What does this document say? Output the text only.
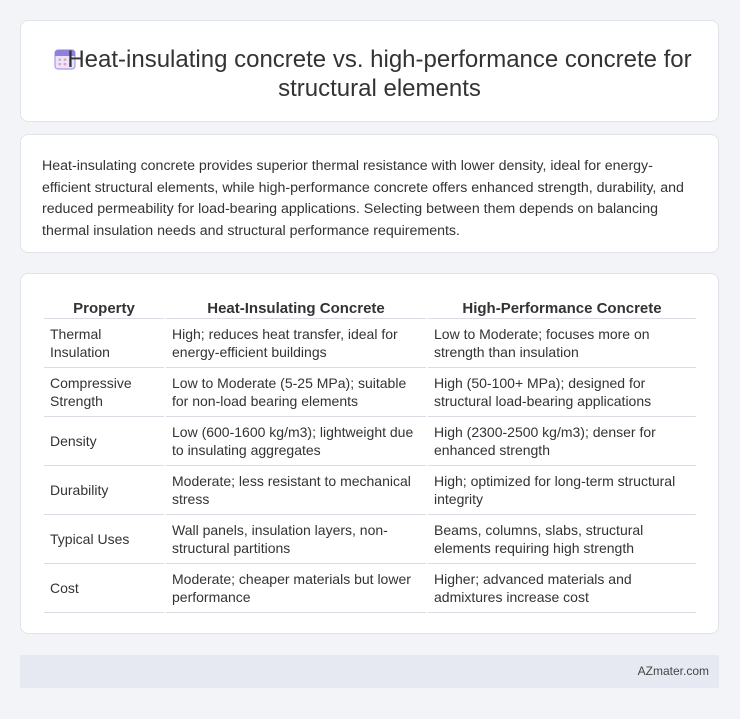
Heat-insulating concrete vs. high-performance concrete for structural elements

Heat-insulating concrete provides superior thermal resistance with lower density, ideal for energy-efficient structural elements, while high-performance concrete offers enhanced strength, durability, and reduced permeability for load-bearing applications. Selecting between them depends on balancing thermal insulation needs and structural performance requirements.

Property	Heat-Insulating Concrete	High-Performance Concrete
Thermal Insulation	High; reduces heat transfer, ideal for energy-efficient buildings	Low to Moderate; focuses more on strength than insulation
Compressive Strength	Low to Moderate (5-25 MPa); suitable for non-load bearing elements	High (50-100+ MPa); designed for structural load-bearing applications
Density	Low (600-1600 kg/m3); lightweight due to insulating aggregates	High (2300-2500 kg/m3); denser for enhanced strength
Durability	Moderate; less resistant to mechanical stress	High; optimized for long-term structural integrity
Typical Uses	Wall panels, insulation layers, non-structural partitions	Beams, columns, slabs, structural elements requiring high strength
Cost	Moderate; cheaper materials but lower performance	Higher; advanced materials and admixtures increase cost
AZmater.com
